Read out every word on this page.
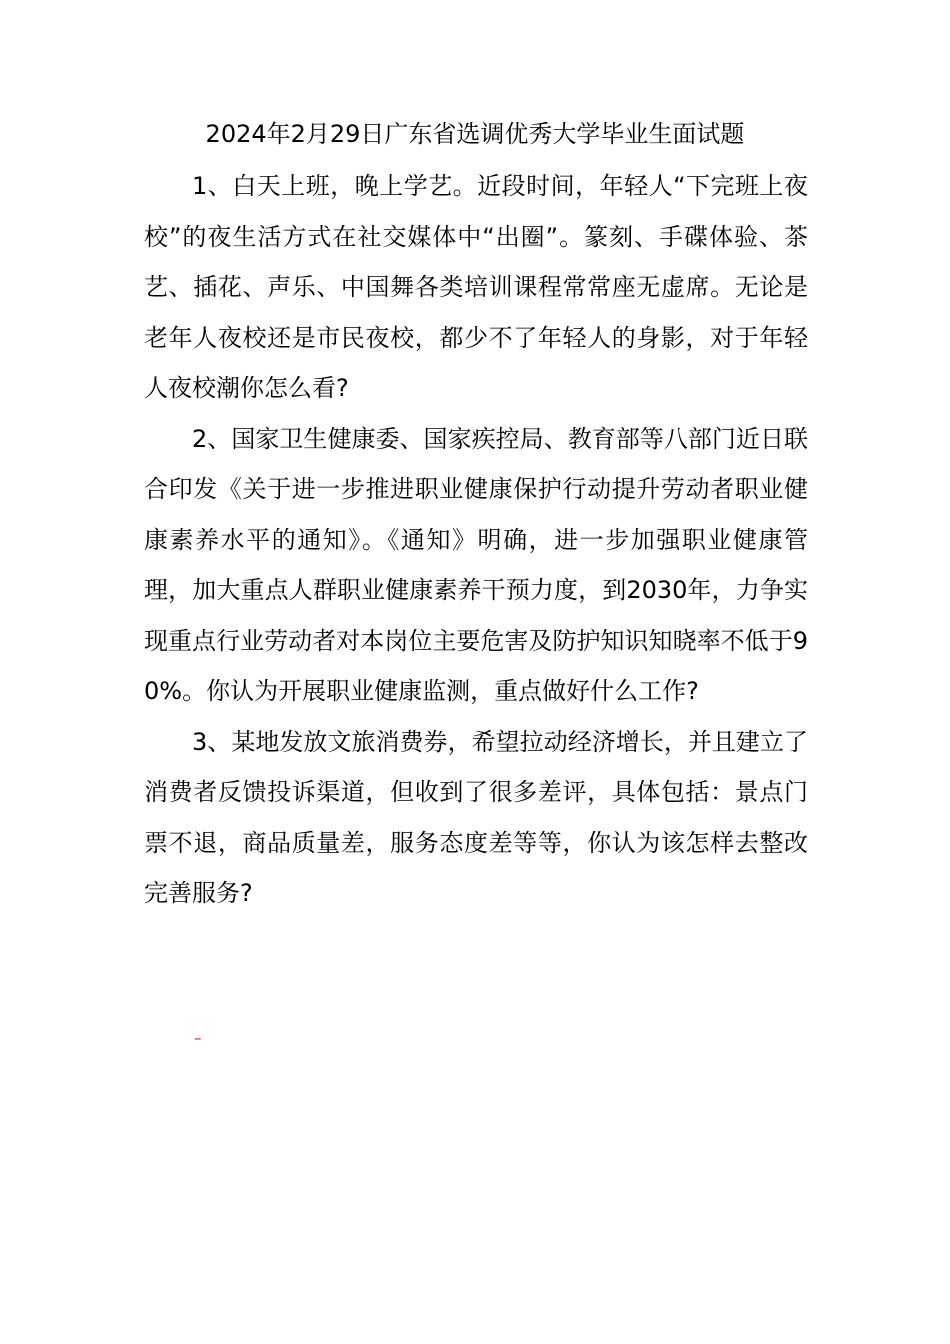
2024年2月29日广东省选调优秀大学毕业生面试题

1、白天上班，晚上学艺。近段时间，年轻人“下完班上夜校”的夜生活方式在社交媒体中“出圈”。篆刻、手碟体验、茶艺、插花、声乐、中国舞各类培训课程常常座无虚席。无论是老年人夜校还是市民夜校，都少不了年轻人的身影，对于年轻人夜校潮你怎么看?

2、国家卫生健康委、国家疾控局、教育部等八部门近日联合印发《关于进一步推进职业健康保护行动提升劳动者职业健康素养水平的通知》。《通知》明确，进一步加强职业健康管理，加大重点人群职业健康素养干预力度，到2030年，力争实现重点行业劳动者对本岗位主要危害及防护知识知晓率不低于90%。你认为开展职业健康监测，重点做好什么工作?

3、某地发放文旅消费券，希望拉动经济增长，并且建立了消费者反馈投诉渠道，但收到了很多差评，具体包括：景点门票不退，商品质量差，服务态度差等等，你认为该怎样去整改完善服务?

–
